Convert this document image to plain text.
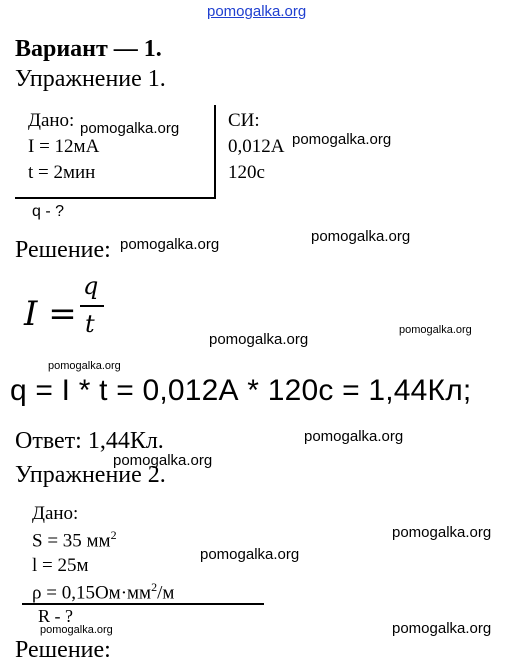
pomogalka.org
Вариант — 1.
Упражнение 1.
Дано:
I = 12мА
t = 2мин
СИ:
0,012А
120с
q - ?
Решение:
I =
q
t
q = I * t = 0,012А * 120с = 1,44Кл;
Ответ: 1,44Кл.
Упражнение 2.
Дано:
S = 35 $мм^2$
l = 25м
$\rho = 0,15Ом\cdot мм^2/м$
R - ?
Решение:
pomogalka.org
pomogalka.org
pomogalka.org	pomogalka.org
pomogalka.org
pomogalka.org
pomogalka.org
pomogalka.org
pomogalka.org
pomogalka.org
pomogalka.org
pomogalka.org	pomogalka.org
